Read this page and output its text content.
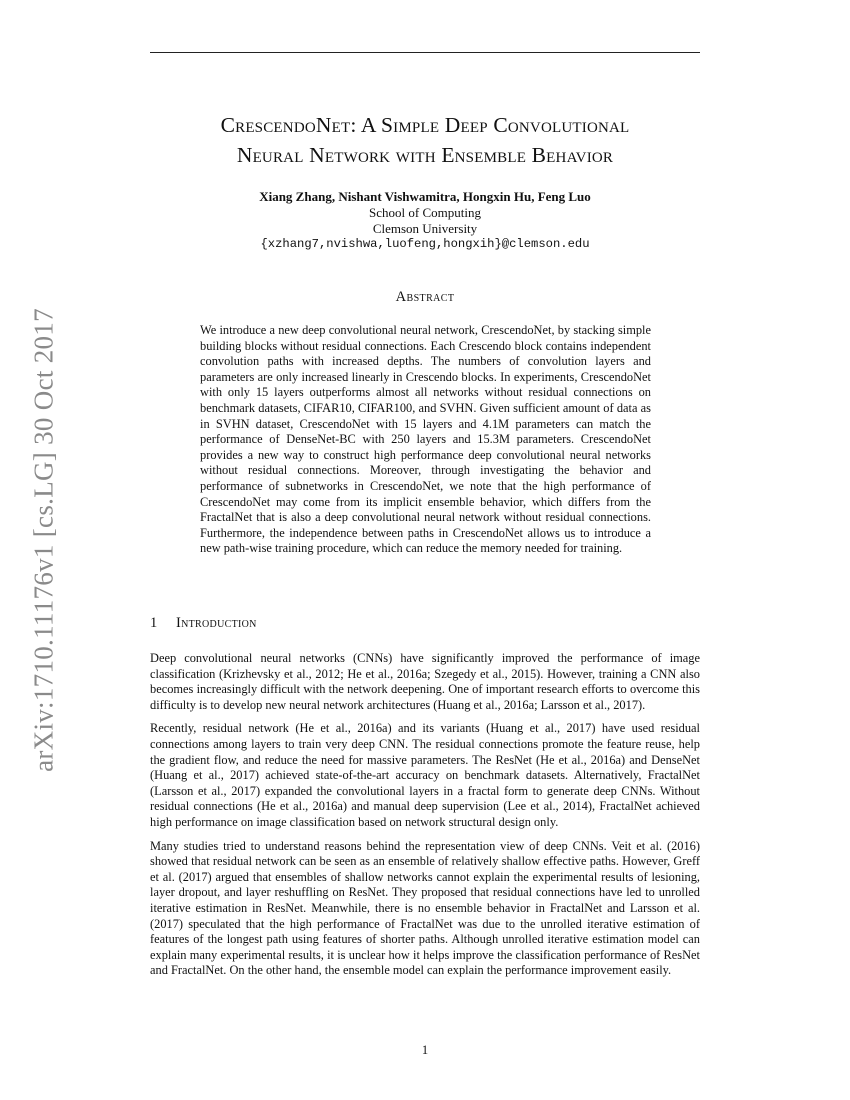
arXiv:1710.11176v1 [cs.LG] 30 Oct 2017
CrescendoNet: A Simple Deep Convolutional
Neural Network with Ensemble Behavior
Xiang Zhang, Nishant Vishwamitra, Hongxin Hu, Feng Luo
School of Computing
Clemson University
{xzhang7,nvishwa,luofeng,hongxih}@clemson.edu
Abstract
We introduce a new deep convolutional neural network, CrescendoNet, by stacking simple building blocks without residual connections. Each Crescendo block contains independent convolution paths with increased depths. The numbers of convolution layers and parameters are only increased linearly in Crescendo blocks. In experiments, CrescendoNet with only 15 layers outperforms almost all networks without residual connections on benchmark datasets, CIFAR10, CIFAR100, and SVHN. Given sufficient amount of data as in SVHN dataset, CrescendoNet with 15 layers and 4.1M parameters can match the performance of DenseNet-BC with 250 layers and 15.3M parameters. CrescendoNet provides a new way to construct high performance deep convolutional neural networks without residual connections. Moreover, through investigating the behavior and performance of subnetworks in CrescendoNet, we note that the high performance of CrescendoNet may come from its implicit ensemble behavior, which differs from the FractalNet that is also a deep convolutional neural network without residual connections. Furthermore, the independence between paths in CrescendoNet allows us to introduce a new path-wise training procedure, which can reduce the memory needed for training.
1 Introduction

Deep convolutional neural networks (CNNs) have significantly improved the performance of image classification (Krizhevsky et al., 2012; He et al., 2016a; Szegedy et al., 2015). However, training a CNN also becomes increasingly difficult with the network deepening. One of important research efforts to overcome this difficulty is to develop new neural network architectures (Huang et al., 2016a; Larsson et al., 2017).

Recently, residual network (He et al., 2016a) and its variants (Huang et al., 2017) have used residual connections among layers to train very deep CNN. The residual connections promote the feature reuse, help the gradient flow, and reduce the need for massive parameters. The ResNet (He et al., 2016a) and DenseNet (Huang et al., 2017) achieved state-of-the-art accuracy on benchmark datasets. Alternatively, FractalNet (Larsson et al., 2017) expanded the convolutional layers in a fractal form to generate deep CNNs. Without residual connections (He et al., 2016a) and manual deep supervision (Lee et al., 2014), FractalNet achieved high performance on image classification based on network structural design only.

Many studies tried to understand reasons behind the representation view of deep CNNs. Veit et al. (2016) showed that residual network can be seen as an ensemble of relatively shallow effective paths. However, Greff et al. (2017) argued that ensembles of shallow networks cannot explain the experimental results of lesioning, layer dropout, and layer reshuffling on ResNet. They proposed that residual connections have led to unrolled iterative estimation in ResNet. Meanwhile, there is no ensemble behavior in FractalNet and Larsson et al. (2017) speculated that the high performance of FractalNet was due to the unrolled iterative estimation of features of the longest path using features of shorter paths. Although unrolled iterative estimation model can explain many experimental results, it is unclear how it helps improve the classification performance of ResNet and FractalNet. On the other hand, the ensemble model can explain the performance improvement easily.

1
